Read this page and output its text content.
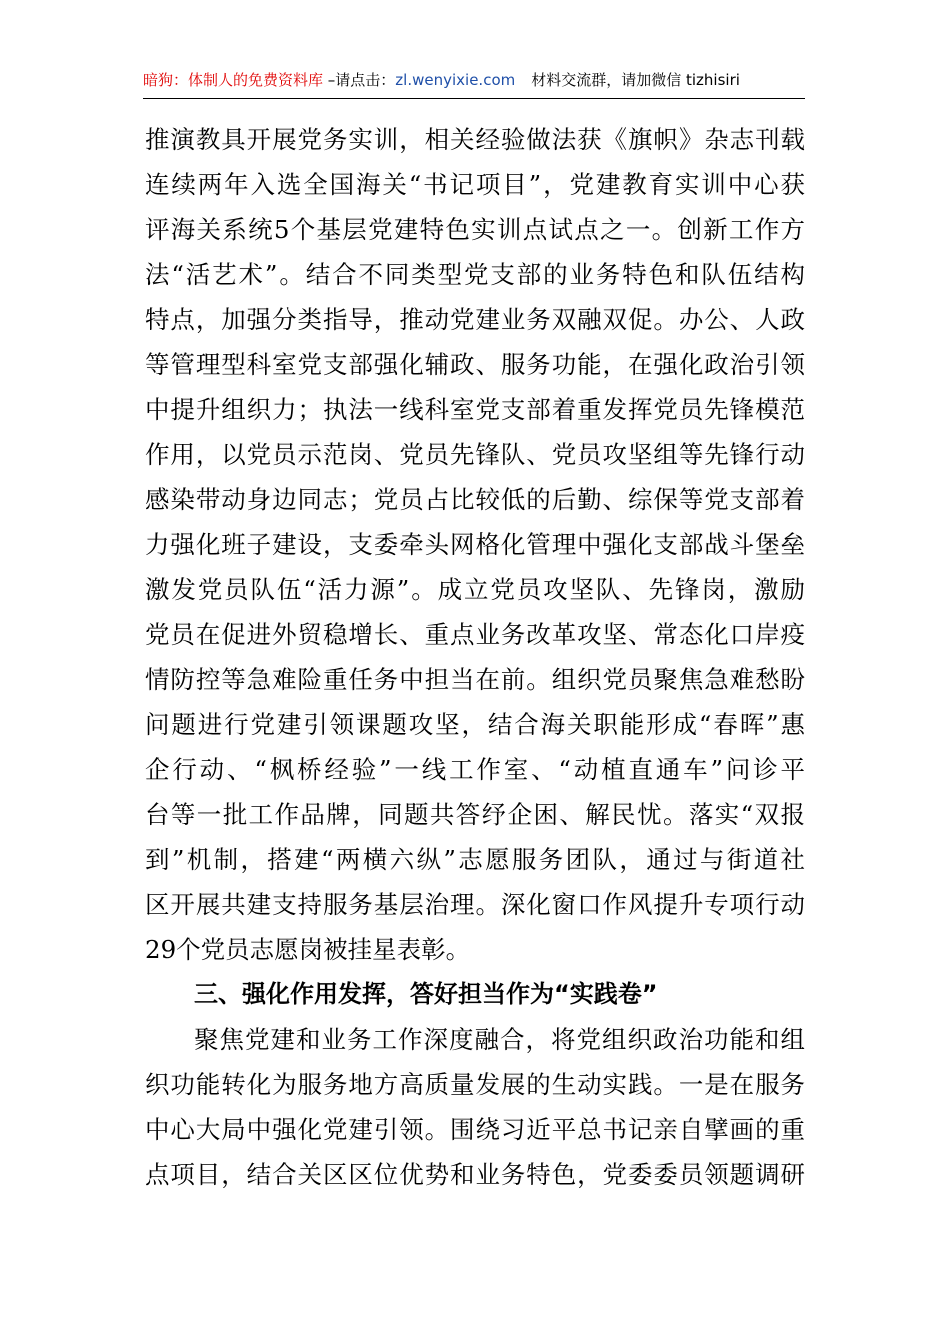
暗狗：体制人的免费资料库 –请点击：zl.wenyixie.com 材料交流群，请加微信 tizhisiri
推演教具开展党务实训，相关经验做法获《旗帜》杂志刊载
连续两年入选全国海关“书记项目”，党建教育实训中心获
评海关系统5个基层党建特色实训点试点之一。创新工作方
法“活艺术”。结合不同类型党支部的业务特色和队伍结构
特点，加强分类指导，推动党建业务双融双促。办公、人政
等管理型科室党支部强化辅政、服务功能，在强化政治引领
中提升组织力；执法一线科室党支部着重发挥党员先锋模范
作用，以党员示范岗、党员先锋队、党员攻坚组等先锋行动
感染带动身边同志；党员占比较低的后勤、综保等党支部着
力强化班子建设，支委牵头网格化管理中强化支部战斗堡垒
激发党员队伍“活力源”。成立党员攻坚队、先锋岗，激励
党员在促进外贸稳增长、重点业务改革攻坚、常态化口岸疫
情防控等急难险重任务中担当在前。组织党员聚焦急难愁盼
问题进行党建引领课题攻坚，结合海关职能形成“春晖”惠
企行动、“枫桥经验”一线工作室、“动植直通车”问诊平
台等一批工作品牌，同题共答纾企困、解民忧。落实“双报
到”机制，搭建“两横六纵”志愿服务团队，通过与街道社
区开展共建支持服务基层治理。深化窗口作风提升专项行动
29个党员志愿岗被挂星表彰。
三、强化作用发挥，答好担当作为“实践卷”
聚焦党建和业务工作深度融合，将党组织政治功能和组
织功能转化为服务地方高质量发展的生动实践。一是在服务
中心大局中强化党建引领。围绕习近平总书记亲自擘画的重
点项目，结合关区区位优势和业务特色，党委委员领题调研
